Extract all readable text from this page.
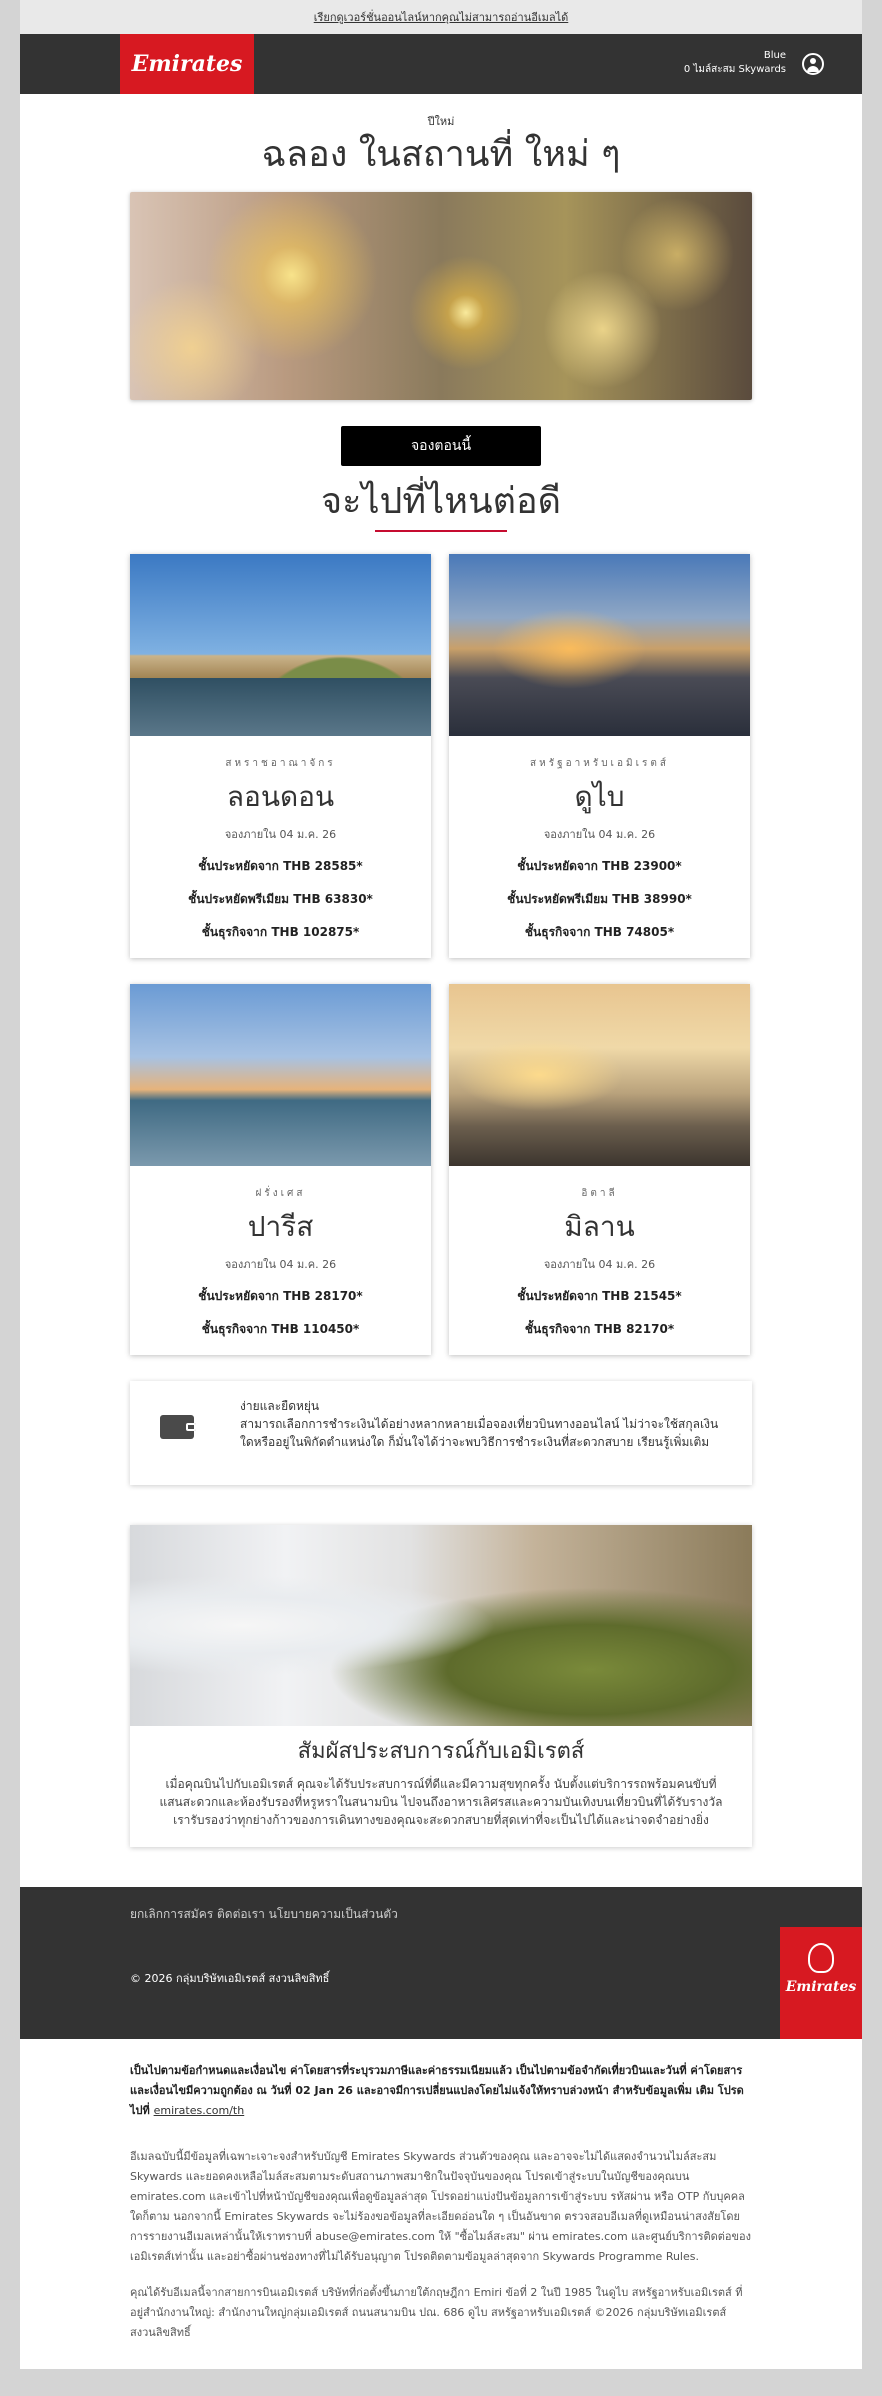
เรียกดูเวอร์ชั่นออนไลน์หากคุณไม่สามารถอ่านอีเมลได้
Emirates	Blue
0 ไมล์สะสม Skywards
ปีใหม่
ฉลอง ในสถานที่ ใหม่ ๆ
จองตอนนี้
จะไปที่ไหนต่อดี
สหราชอาณาจักร
ลอนดอน
จองภายใน 04 ม.ค. 26
ชั้นประหยัดจาก THB 28585*
ชั้นประหยัดพรีเมียม THB 63830*
ชั้นธุรกิจจาก THB 102875*
สหรัฐอาหรับเอมิเรตส์
ดูไบ
จองภายใน 04 ม.ค. 26
ชั้นประหยัดจาก THB 23900*
ชั้นประหยัดพรีเมียม THB 38990*
ชั้นธุรกิจจาก THB 74805*
ฝรั่งเศส
ปารีส
จองภายใน 04 ม.ค. 26
ชั้นประหยัดจาก THB 28170*
ชั้นธุรกิจจาก THB 110450*
อิตาลี
มิลาน
จองภายใน 04 ม.ค. 26
ชั้นประหยัดจาก THB 21545*
ชั้นธุรกิจจาก THB 82170*
ง่ายและยืดหยุ่น
สามารถเลือกการชำระเงินได้อย่างหลากหลายเมื่อจองเที่ยวบินทางออนไลน์ ไม่ว่าจะใช้สกุลเงินใดหรืออยู่ในพิกัดตำแหน่งใด ก็มั่นใจได้ว่าจะพบวิธีการชำระเงินที่สะดวกสบาย เรียนรู้เพิ่มเติม
สัมผัสประสบการณ์กับเอมิเรตส์
เมื่อคุณบินไปกับเอมิเรตส์ คุณจะได้รับประสบการณ์ที่ดีและมีความสุขทุกครั้ง นับตั้งแต่บริการรถพร้อมคนขับที่แสนสะดวกและห้องรับรองที่หรูหราในสนามบิน ไปจนถึงอาหารเลิศรสและความบันเทิงบนเที่ยวบินที่ได้รับรางวัล เรารับรองว่าทุกย่างก้าวของการเดินทางของคุณจะสะดวกสบายที่สุดเท่าที่จะเป็นไปได้และน่าจดจำอย่างยิ่ง
ยกเลิกการสมัคร ติดต่อเรา นโยบายความเป็นส่วนตัว
© 2026 กลุ่มบริษัทเอมิเรตส์ สงวนลิขสิทธิ์
Emirates
เป็นไปตามข้อกำหนดและเงื่อนไข ค่าโดยสารที่ระบุรวมภาษีและค่าธรรมเนียมแล้ว เป็นไปตามข้อจำกัดเที่ยวบินและวันที่ ค่าโดยสารและเงื่อนไขมีความถูกต้อง ณ วันที่ 02 Jan 26 และอาจมีการเปลี่ยนแปลงโดยไม่แจ้งให้ทราบล่วงหน้า สำหรับข้อมูลเพิ่ม เติม โปรดไปที่ emirates.com/th
อีเมลฉบับนี้มีข้อมูลที่เฉพาะเจาะจงสำหรับบัญชี Emirates Skywards ส่วนตัวของคุณ และอาจจะไม่ได้แสดงจำนวนไมล์สะสม Skywards และยอดคงเหลือไมล์สะสมตามระดับสถานภาพสมาชิกในปัจจุบันของคุณ โปรดเข้าสู่ระบบในบัญชีของคุณบน emirates.com และเข้าไปที่หน้าบัญชีของคุณเพื่อดูข้อมูลล่าสุด โปรดอย่าแบ่งปันข้อมูลการเข้าสู่ระบบ รหัสผ่าน หรือ OTP กับบุคคลใดก็ตาม นอกจากนี้ Emirates Skywards จะไม่ร้องขอข้อมูลที่ละเอียดอ่อนใด ๆ เป็นอันขาด ตรวจสอบอีเมลที่ดูเหมือนน่าสงสัยโดยการรายงานอีเมลเหล่านั้นให้เราทราบที่ abuse@emirates.com ให้ "ซื้อไมล์สะสม" ผ่าน emirates.com และศูนย์บริการติดต่อของเอมิเรตส์เท่านั้น และอย่าซื้อผ่านช่องทางที่ไม่ได้รับอนุญาต โปรดติดตามข้อมูลล่าสุดจาก Skywards Programme Rules.
คุณได้รับอีเมลนี้จากสายการบินเอมิเรตส์ บริษัทที่ก่อตั้งขึ้นภายใต้กฤษฎีกา Emiri ข้อที่ 2 ในปี 1985 ในดูไบ สหรัฐอาหรับเอมิเรตส์ ที่อยู่สำนักงานใหญ่: สำนักงานใหญ่กลุ่มเอมิเรตส์ ถนนสนามบิน ปณ. 686 ดูไบ สหรัฐอาหรับเอมิเรตส์ ©2026 กลุ่มบริษัทเอมิเรตส์ สงวนลิขสิทธิ์
